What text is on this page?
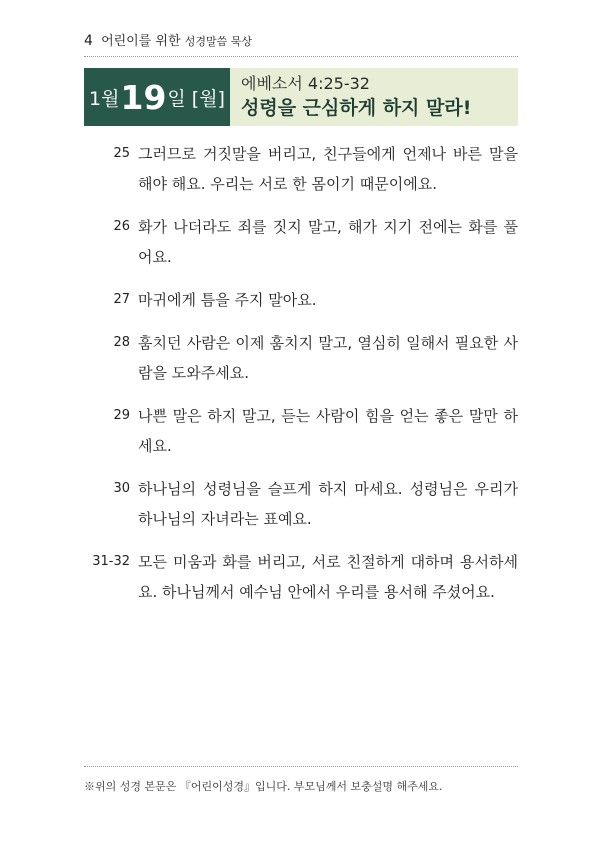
4 어린이를 위한 성경말씀 묵상
1월 19 일 [월]
에베소서 4:25-32
성령을 근심하게 하지 말라!
25 그러므로 거짓말을 버리고, 친구들에게 언제나 바른 말을 해야 해요. 우리는 서로 한 몸이기 때문이에요.
26 화가 나더라도 죄를 짓지 말고, 해가 지기 전에는 화를 풀어요.
27 마귀에게 틈을 주지 말아요.
28 훔치던 사람은 이제 훔치지 말고, 열심히 일해서 필요한 사람을 도와주세요.
29 나쁜 말은 하지 말고, 듣는 사람이 힘을 얻는 좋은 말만 하세요.
30 하나님의 성령님을 슬프게 하지 마세요. 성령님은 우리가 하나님의 자녀라는 표예요.
31-32 모든 미움과 화를 버리고, 서로 친절하게 대하며 용서하세요. 하나님께서 예수님 안에서 우리를 용서해 주셨어요.
※위의 성경 본문은 『어린이성경』입니다. 부모님께서 보충설명 해주세요.
